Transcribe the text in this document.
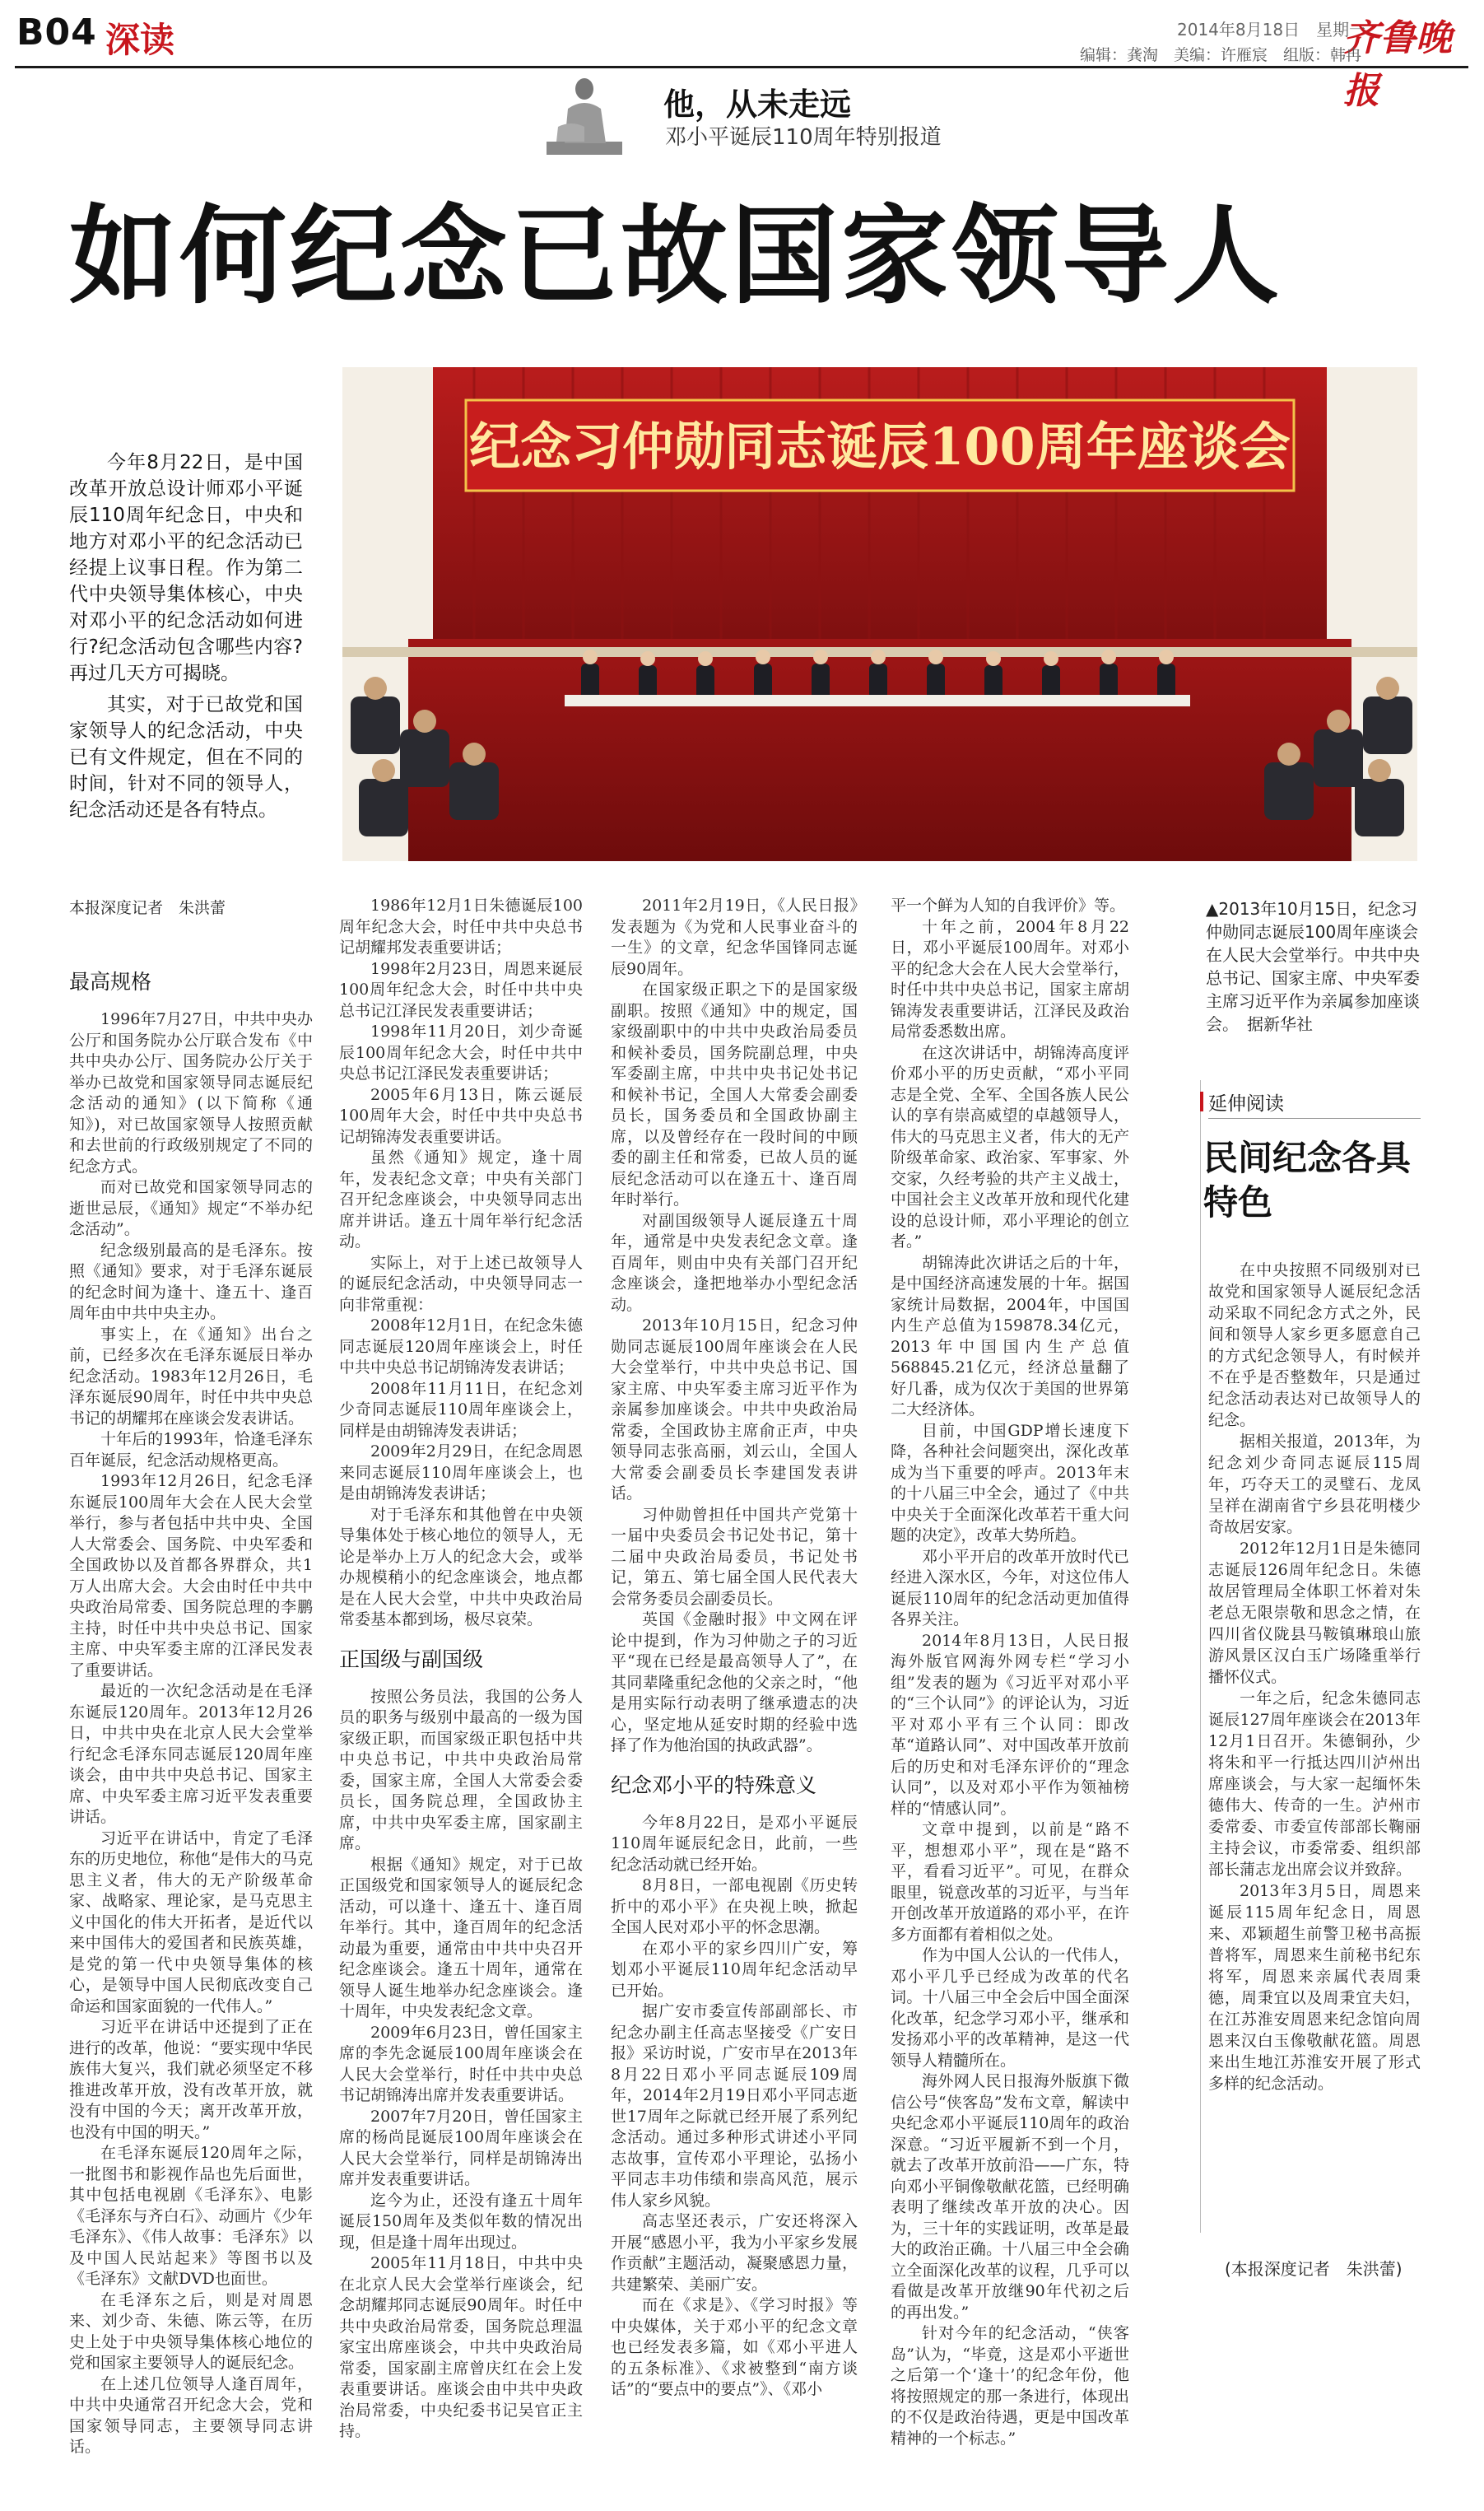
B04 深读	2014年8月18日　星期一
齐鲁晚报
编辑：龚淘　美编：许雁宸　组版：韩冉
他，从未走远
邓小平诞辰110周年特别报道
如何纪念已故国家领导人

今年8月22日，是中国改革开放总设计师邓小平诞辰110周年纪念日，中央和地方对邓小平的纪念活动已经提上议事日程。作为第二代中央领导集体核心，中央对邓小平的纪念活动如何进行?纪念活动包含哪些内容?再过几天方可揭晓。

其实，对于已故党和国家领导人的纪念活动，中央已有文件规定，但在不同的时间，针对不同的领导人，纪念活动还是各有特点。

纪念习仲勋同志诞辰100周年座谈会
▲2013年10月15日，纪念习仲勋同志诞辰100周年座谈会在人民大会堂举行。中共中央总书记、国家主席、中央军委主席习近平作为亲属参加座谈会。　据新华社
本报深度记者　朱洪蕾
最高规格

1996年7月27日，中共中央办公厅和国务院办公厅联合发布《中共中央办公厅、国务院办公厅关于举办已故党和国家领导同志诞辰纪念活动的通知》(以下简称《通知》)，对已故国家领导人按照贡献和去世前的行政级别规定了不同的纪念方式。

而对已故党和国家领导同志的逝世忌辰，《通知》规定“不举办纪念活动”。

纪念级别最高的是毛泽东。按照《通知》要求，对于毛泽东诞辰的纪念时间为逢十、逢五十、逢百周年由中共中央主办。

事实上，在《通知》出台之前，已经多次在毛泽东诞辰日举办纪念活动。1983年12月26日，毛泽东诞辰90周年，时任中共中央总书记的胡耀邦在座谈会发表讲话。

十年后的1993年，恰逢毛泽东百年诞辰，纪念活动规格更高。

1993年12月26日，纪念毛泽东诞辰100周年大会在人民大会堂举行，参与者包括中共中央、全国人大常委会、国务院、中央军委和全国政协以及首都各界群众，共1万人出席大会。大会由时任中共中央政治局常委、国务院总理的李鹏主持，时任中共中央总书记、国家主席、中央军委主席的江泽民发表了重要讲话。

最近的一次纪念活动是在毛泽东诞辰120周年。2013年12月26日，中共中央在北京人民大会堂举行纪念毛泽东同志诞辰120周年座谈会，由中共中央总书记、国家主席、中央军委主席习近平发表重要讲话。

习近平在讲话中，肯定了毛泽东的历史地位，称他“是伟大的马克思主义者，伟大的无产阶级革命家、战略家、理论家，是马克思主义中国化的伟大开拓者，是近代以来中国伟大的爱国者和民族英雄，是党的第一代中央领导集体的核心，是领导中国人民彻底改变自己命运和国家面貌的一代伟人。”

习近平在讲话中还提到了正在进行的改革，他说：“要实现中华民族伟大复兴，我们就必须坚定不移推进改革开放，没有改革开放，就没有中国的今天；离开改革开放，也没有中国的明天。”

在毛泽东诞辰120周年之际，一批图书和影视作品也先后面世，其中包括电视剧《毛泽东》、电影《毛泽东与齐白石》、动画片《少年毛泽东》、《伟人故事：毛泽东》以及中国人民站起来》等图书以及《毛泽东》文献DVD也面世。

在毛泽东之后，则是对周恩来、刘少奇、朱德、陈云等，在历史上处于中央领导集体核心地位的党和国家主要领导人的诞辰纪念。

在上述几位领导人逢百周年，中共中央通常召开纪念大会，党和国家领导同志，主要领导同志讲话。

1986年12月1日朱德诞辰100周年纪念大会，时任中共中央总书记胡耀邦发表重要讲话；

1998年2月23日，周恩来诞辰100周年纪念大会，时任中共中央总书记江泽民发表重要讲话；

1998年11月20日，刘少奇诞辰100周年纪念大会，时任中共中央总书记江泽民发表重要讲话；

2005年6月13日，陈云诞辰100周年大会，时任中共中央总书记胡锦涛发表重要讲话。

虽然《通知》规定，逢十周年，发表纪念文章；中央有关部门召开纪念座谈会，中央领导同志出席并讲话。逢五十周年举行纪念活动。

实际上，对于上述已故领导人的诞辰纪念活动，中央领导同志一向非常重视：

2008年12月1日，在纪念朱德同志诞辰120周年座谈会上，时任中共中央总书记胡锦涛发表讲话；

2008年11月11日，在纪念刘少奇同志诞辰110周年座谈会上，同样是由胡锦涛发表讲话；

2009年2月29日，在纪念周恩来同志诞辰110周年座谈会上，也是由胡锦涛发表讲话；

对于毛泽东和其他曾在中央领导集体处于核心地位的领导人，无论是举办上万人的纪念大会，或举办规模稍小的纪念座谈会，地点都是在人民大会堂，中共中央政治局常委基本都到场，极尽哀荣。

正国级与副国级

按照公务员法，我国的公务人员的职务与级别中最高的一级为国家级正职，而国家级正职包括中共中央总书记，中共中央政治局常委，国家主席，全国人大常委会委员长，国务院总理，全国政协主席，中共中央军委主席，国家副主席。

根据《通知》规定，对于已故正国级党和国家领导人的诞辰纪念活动，可以逢十、逢五十、逢百周年举行。其中，逢百周年的纪念活动最为重要，通常由中共中央召开纪念座谈会。逢五十周年，通常在领导人诞生地举办纪念座谈会。逢十周年，中央发表纪念文章。

2009年6月23日，曾任国家主席的李先念诞辰100周年座谈会在人民大会堂举行，时任中共中央总书记胡锦涛出席并发表重要讲话。

2007年7月20日，曾任国家主席的杨尚昆诞辰100周年座谈会在人民大会堂举行，同样是胡锦涛出席并发表重要讲话。

迄今为止，还没有逢五十周年诞辰150周年及类似年数的情况出现，但是逢十周年出现过。

2005年11月18日，中共中央在北京人民大会堂举行座谈会，纪念胡耀邦同志诞辰90周年。时任中共中央政治局常委，国务院总理温家宝出席座谈会，中共中央政治局常委，国家副主席曾庆红在会上发表重要讲话。座谈会由中共中央政治局常委，中央纪委书记吴官正主持。

2011年2月19日，《人民日报》发表题为《为党和人民事业奋斗的一生》的文章，纪念华国锋同志诞辰90周年。

在国家级正职之下的是国家级副职。按照《通知》中的规定，国家级副职中的中共中央政治局委员和候补委员，国务院副总理，中央军委副主席，中共中央书记处书记和候补书记，全国人大常委会副委员长，国务委员和全国政协副主席，以及曾经存在一段时间的中顾委的副主任和常委，已故人员的诞辰纪念活动可以在逢五十、逢百周年时举行。

对副国级领导人诞辰逢五十周年，通常是中央发表纪念文章。逢百周年，则由中央有关部门召开纪念座谈会，逢把地举办小型纪念活动。

2013年10月15日，纪念习仲勋同志诞辰100周年座谈会在人民大会堂举行，中共中央总书记、国家主席、中央军委主席习近平作为亲属参加座谈会。中共中央政治局常委，全国政协主席俞正声，中央领导同志张高丽，刘云山，全国人大常委会副委员长李建国发表讲话。

习仲勋曾担任中国共产党第十一届中央委员会书记处书记，第十二届中央政治局委员，书记处书记，第五、第七届全国人民代表大会常务委员会副委员长。

英国《金融时报》中文网在评论中提到，作为习仲勋之子的习近平“现在已经是最高领导人了”，在其同辈隆重纪念他的父亲之时，“他是用实际行动表明了继承遗志的决心，坚定地从延安时期的经验中选择了作为他治国的执政武器”。

纪念邓小平的特殊意义

今年8月22日，是邓小平诞辰110周年诞辰纪念日，此前，一些纪念活动就已经开始。

8月8日，一部电视剧《历史转折中的邓小平》在央视上映，掀起全国人民对邓小平的怀念思潮。

在邓小平的家乡四川广安，筹划邓小平诞辰110周年纪念活动早已开始。

据广安市委宣传部副部长、市纪念办副主任高志坚接受《广安日报》采访时说，广安市早在2013年8月22日邓小平同志诞辰109周年，2014年2月19日邓小平同志逝世17周年之际就已经开展了系列纪念活动。通过多种形式讲述小平同志故事，宣传邓小平理论，弘扬小平同志丰功伟绩和崇高风范，展示伟人家乡风貌。

高志坚还表示，广安还将深入开展“感恩小平，我为小平家乡发展作贡献”主题活动，凝聚感恩力量，共建繁荣、美丽广安。

而在《求是》、《学习时报》等中央媒体，关于邓小平的纪念文章也已经发表多篇，如《邓小平进人的五条标准》、《求被整到“南方谈话”的“要点中的要点”》、《邓小

平一个鲜为人知的自我评价》等。

十年之前，2004年8月22日，邓小平诞辰100周年。对邓小平的纪念大会在人民大会堂举行，时任中共中央总书记，国家主席胡锦涛发表重要讲话，江泽民及政治局常委悉数出席。

在这次讲话中，胡锦涛高度评价邓小平的历史贡献，“邓小平同志是全党、全军、全国各族人民公认的享有崇高威望的卓越领导人，伟大的马克思主义者，伟大的无产阶级革命家、政治家、军事家、外交家，久经考验的共产主义战士，中国社会主义改革开放和现代化建设的总设计师，邓小平理论的创立者。”

胡锦涛此次讲话之后的十年，是中国经济高速发展的十年。据国家统计局数据，2004年，中国国内生产总值为159878.34亿元，2013年中国国内生产总值568845.21亿元，经济总量翻了好几番，成为仅次于美国的世界第二大经济体。

目前，中国GDP增长速度下降，各种社会问题突出，深化改革成为当下重要的呼声。2013年末的十八届三中全会，通过了《中共中央关于全面深化改革若干重大问题的决定》，改革大势所趋。

邓小平开启的改革开放时代已经进入深水区，今年，对这位伟人诞辰110周年的纪念活动更加值得各界关注。

2014年8月13日，人民日报海外版官网海外网专栏“学习小组”发表的题为《习近平对邓小平的“三个认同”》的评论认为，习近平对邓小平有三个认同：即改革“道路认同”、对中国改革开放前后的历史和对毛泽东评价的“理念认同”，以及对邓小平作为领袖榜样的“情感认同”。

文章中提到，以前是“路不平，想想邓小平”，现在是“路不平，看看习近平”。可见，在群众眼里，锐意改革的习近平，与当年开创改革开放道路的邓小平，在许多方面都有着相似之处。

作为中国人公认的一代伟人，邓小平几乎已经成为改革的代名词。十八届三中全会后中国全面深化改革，纪念学习邓小平，继承和发扬邓小平的改革精神，是这一代领导人精髓所在。

海外网人民日报海外版旗下微信公号“侠客岛”发布文章，解读中央纪念邓小平诞辰110周年的政治深意。“习近平履新不到一个月，就去了改革开放前沿——广东，特向邓小平铜像敬献花篮，已经明确表明了继续改革开放的决心。因为，三十年的实践证明，改革是最大的政治正确。十八届三中全会确立全面深化改革的议程，几乎可以看做是改革开放继90年代初之后的再出发。”

针对今年的纪念活动，“侠客岛”认为，“毕竟，这是邓小平逝世之后第一个‘逢十’的纪念年份，他将按照规定的那一条进行，体现出的不仅是政治待遇，更是中国改革精神的一个标志。”

延伸阅读
民间纪念各具特色

在中央按照不同级别对已故党和国家领导人诞辰纪念活动采取不同纪念方式之外，民间和领导人家乡更多愿意自己的方式纪念领导人，有时候并不在乎是否整数年，只是通过纪念活动表达对已故领导人的纪念。

据相关报道，2013年，为纪念刘少奇同志诞辰115周年，巧夺天工的灵璧石、龙凤呈祥在湖南省宁乡县花明楼少奇故居安家。

2012年12月1日是朱德同志诞辰126周年纪念日。朱德故居管理局全体职工怀着对朱老总无限崇敬和思念之情，在四川省仪陇县马鞍镇琳琅山旅游风景区汉白玉广场隆重举行播怀仪式。

一年之后，纪念朱德同志诞辰127周年座谈会在2013年12月1日召开。朱德铜孙，少将朱和平一行抵达四川泸州出席座谈会，与大家一起缅怀朱德伟大、传奇的一生。泸州市委常委、市委宣传部部长鞠丽主持会议，市委常委、组织部部长蒲志龙出席会议并致辞。

2013年3月5日，周恩来诞辰115周年纪念日，周恩来、邓颖超生前警卫秘书高振普将军，周恩来生前秘书纪东将军，周恩来亲属代表周秉德，周秉宜以及周秉宜夫妇，在江苏淮安周恩来纪念馆向周恩来汉白玉像敬献花篮。周恩来出生地江苏淮安开展了形式多样的纪念活动。

(本报深度记者　朱洪蕾)
